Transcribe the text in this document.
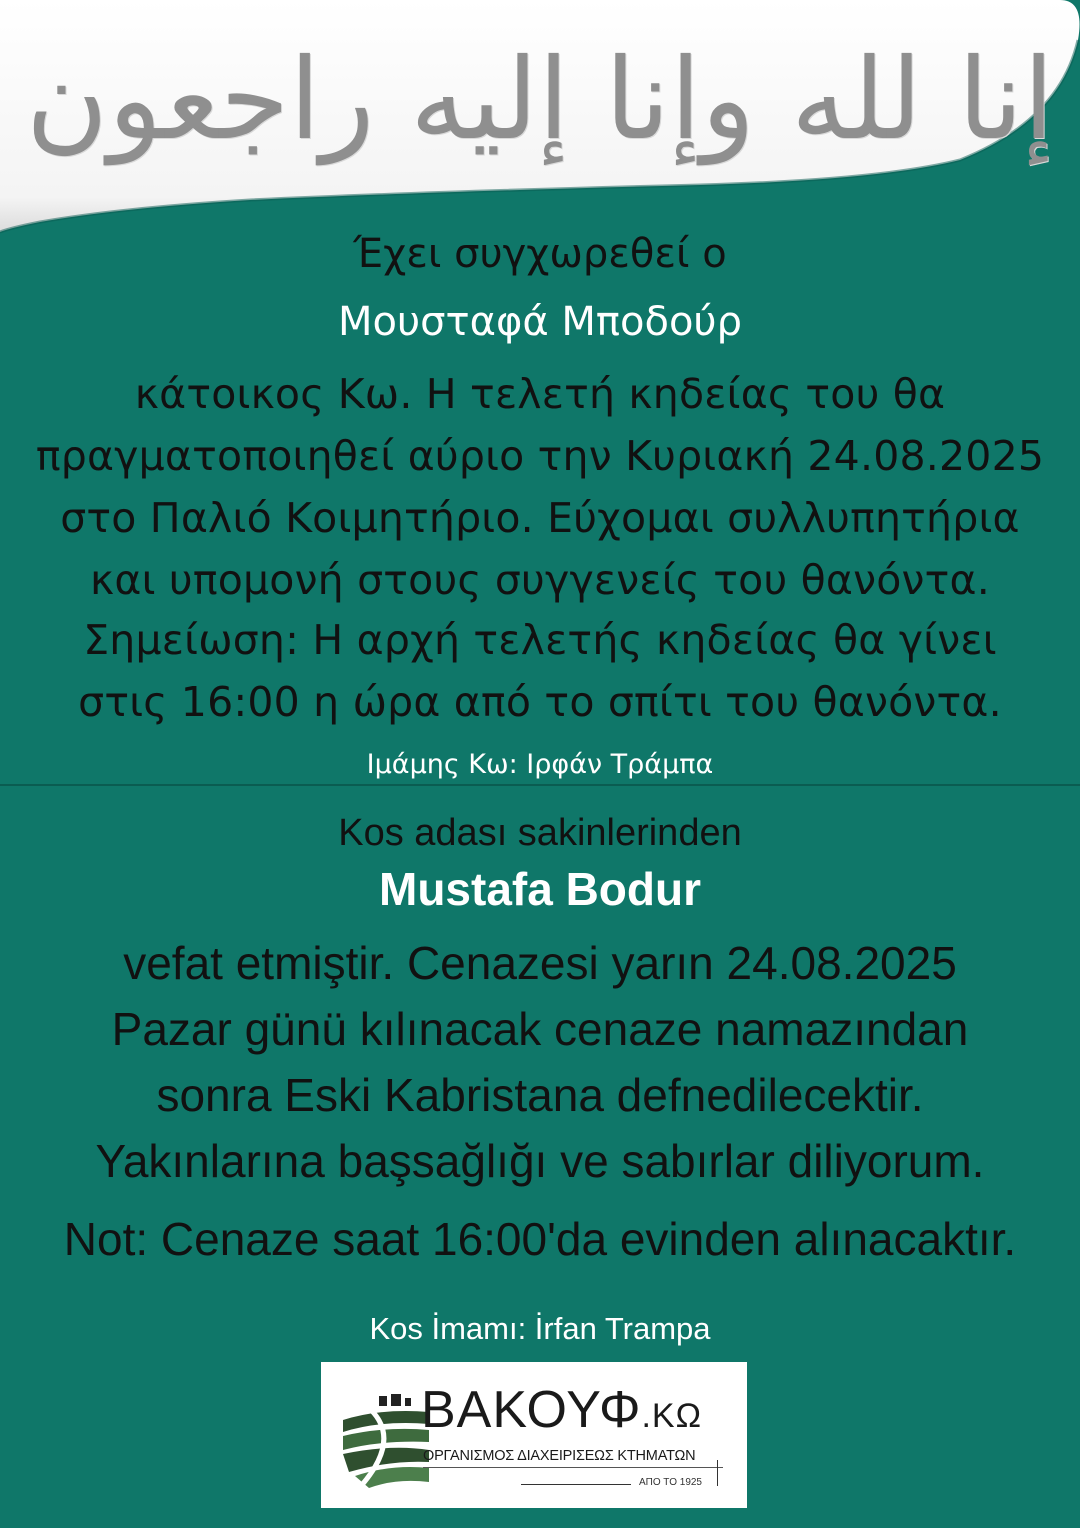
إنا لله وإنا إليه راجعون
Έχει συγχωρεθεί ο
Μουσταφά Μποδούρ
κάτοικος Κω. Η τελετή κηδείας του θα
πραγματοποιηθεί αύριο την Κυριακή 24.08.2025
στο Παλιό Κοιμητήριο. Εύχομαι συλλυπητήρια
και υπομονή στους συγγενείς του θανόντα.
Σημείωση: Η αρχή τελετής κηδείας θα γίνει
στις 16:00 η ώρα από το σπίτι του θανόντα.
Ιμάμης Κω: Ιρφάν Τράμπα
Kos adası sakinlerinden
Mustafa Bodur
vefat etmiştir. Cenazesi yarın 24.08.2025
Pazar günü kılınacak cenaze namazından
sonra Eski Kabristana defnedilecektir.
Yakınlarına başsağlığı ve sabırlar diliyorum.
Not: Cenaze saat 16:00'da evinden alınacaktır.
Kos İmamı: İrfan Trampa
ΒΑΚΟΥΦ.ΚΩ
ΟΡΓΑΝΙΣΜΟΣ ΔΙΑΧΕΙΡΙΣΕΩΣ ΚΤΗΜΑΤΩΝ
ΑΠΟ ΤΟ 1925
